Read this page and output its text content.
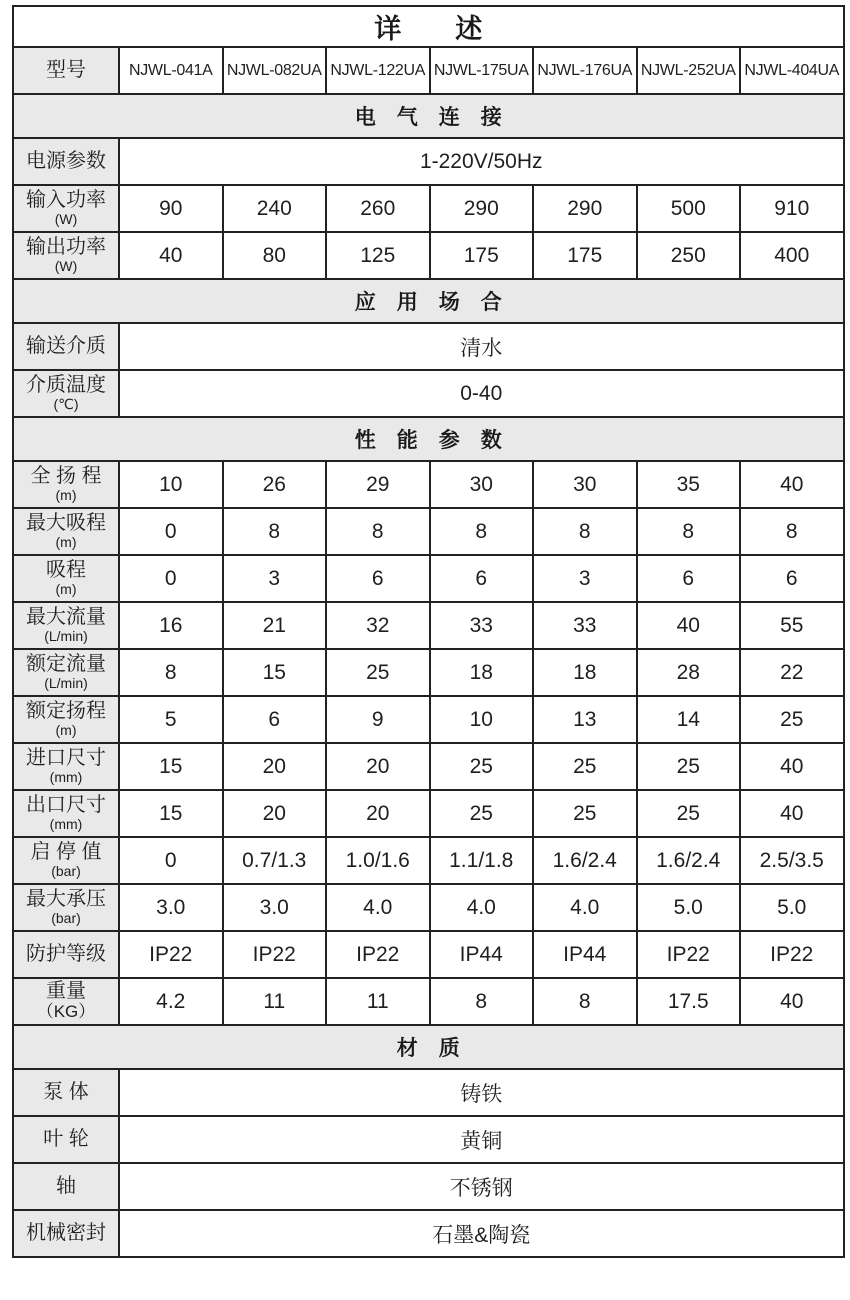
详　　述							
型号	NJWL-041A	NJWL-082UA	NJWL-122UA	NJWL-175UA	NJWL-176UA	NJWL-252UA	NJWL-404UA
电　气　连　接							
电源参数	1-220V/50Hz						

输入功率
(W)	90	240	260	290	290	500	910

输出功率
(W)	40	80	125	175	175	250	400
应　用　场　合							
输送介质	清水						

介质温度
(℃)	0-40						
性　能　参　数							

全 扬 程
(m)	10	26	29	30	30	35	40

最大吸程
(m)	0	8	8	8	8	8	8

吸程
(m)	0	3	6	6	3	6	6

最大流量
(L/min)	16	21	32	33	33	40	55

额定流量
(L/min)	8	15	25	18	18	28	22

额定扬程
(m)	5	6	9	10	13	14	25

进口尺寸
(mm)	15	20	20	25	25	25	40

出口尺寸
(mm)	15	20	20	25	25	25	40

启 停 值
(bar)	0	0.7/1.3	1.0/1.6	1.1/1.8	1.6/2.4	1.6/2.4	2.5/3.5

最大承压
(bar)	3.0	3.0	4.0	4.0	4.0	5.0	5.0
防护等级	IP22	IP22	IP22	IP44	IP44	IP22	IP22

重量
（KG）	4.2	11	11	8	8	17.5	40
材　质							
泵 体	铸铁						
叶 轮	黄铜						
轴	不锈钢						
机械密封	石墨&陶瓷						
